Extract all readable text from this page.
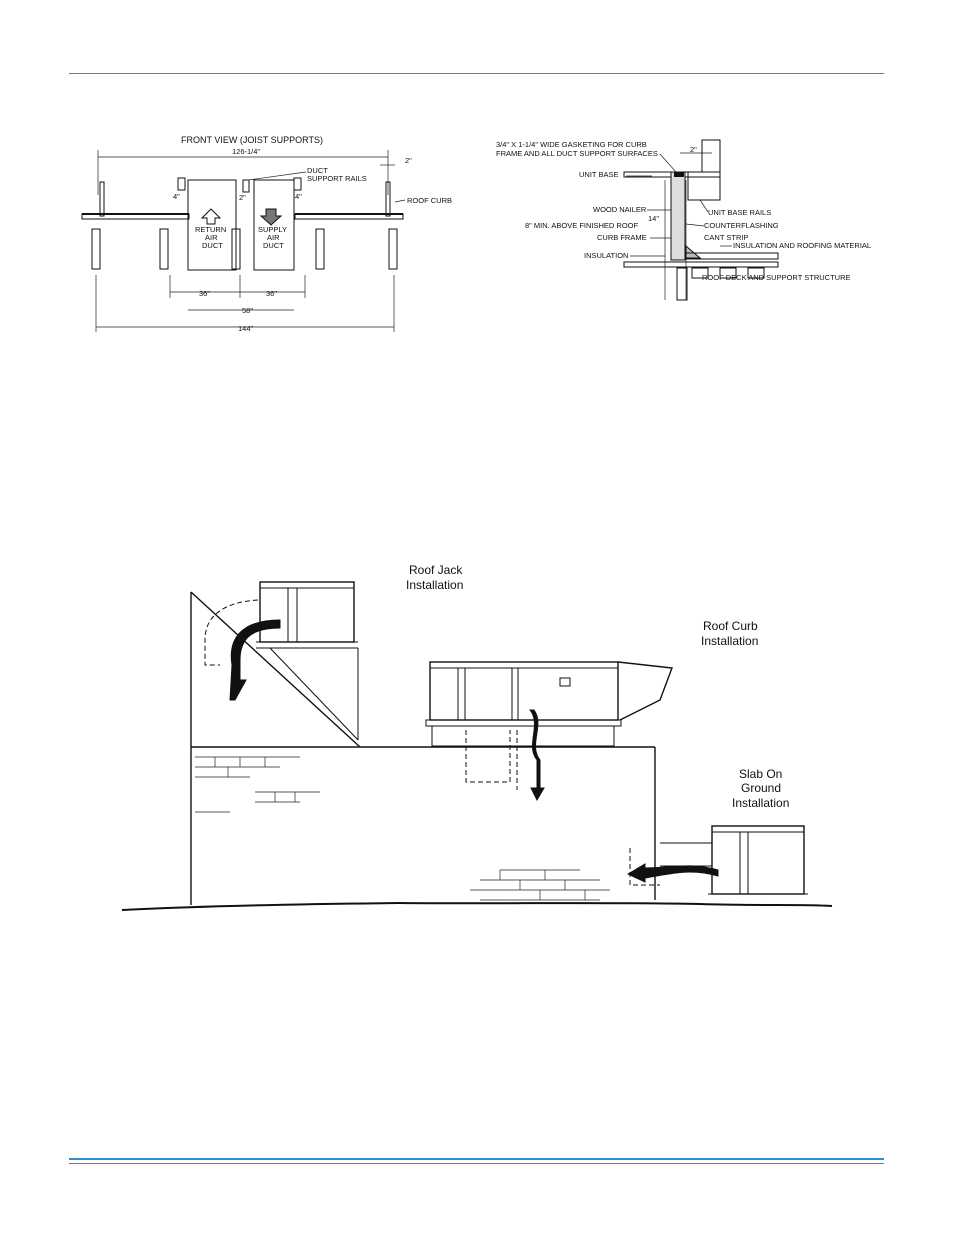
FRONT VIEW (JOIST SUPPORTS)
126-1/4"
2"
RETURN
AIR
DUCT
SUPPLY
AIR
DUCT
DUCT
SUPPORT RAILS
ROOF CURB
4"	2"	4"
36"	36"
58"
144"
3/4" X 1-1/4" WIDE GASKETING FOR CURB
FRAME AND ALL DUCT SUPPORT SURFACES	2"
UNIT BASE
WOOD NAILER	UNIT BASE RAILS
14"
8" MIN. ABOVE FINISHED ROOF	COUNTERFLASHING
CURB FRAME	CANT STRIP
INSULATION AND ROOFING MATERIAL
INSULATION
ROOF DECK AND SUPPORT STRUCTURE
Roof Jack
Installation
Roof Curb
Installation
Slab On
Ground
Installation
